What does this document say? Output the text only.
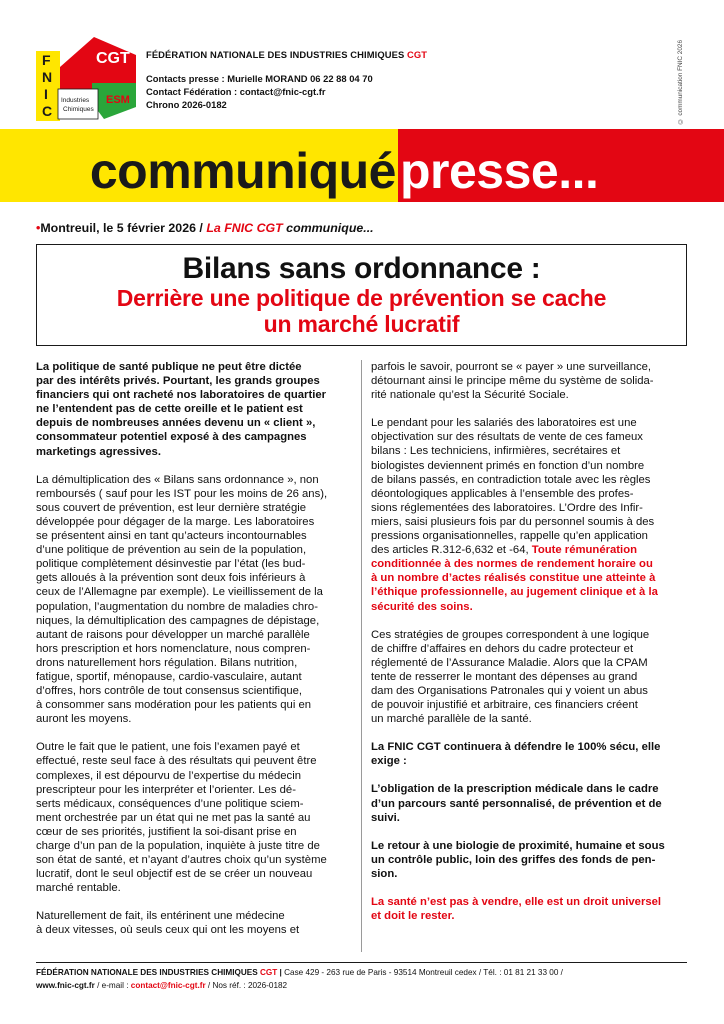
F
N
I
C
CGT
ESM
Industries
Chimiques
FÉDÉRATION NATIONALE DES INDUSTRIES CHIMIQUES CGT
Contacts presse : Murielle MORAND 06 22 88 04 70
Contact Fédération : contact@fnic-cgt.fr
Chrono 2026-0182	© communication FNIC 2026
communiqué presse...
•Montreuil, le 5 février 2026 / La FNIC CGT communique...
Bilans sans ordonnance :
Derrière une politique de prévention se cache
un marché lucratif

La politique de santé publique ne peut être dictée
par des intérêts privés. Pourtant, les grands groupes
financiers qui ont racheté nos laboratoires de quartier
ne l’entendent pas de cette oreille et le patient est
depuis de nombreuses années devenu un « client »,
consommateur potentiel exposé à des campagnes
marketings agressives.

La démultiplication des « Bilans sans ordonnance », non
remboursés ( sauf pour les IST pour les moins de 26 ans),
sous couvert de prévention, est leur dernière stratégie
développée pour dégager de la marge. Les laboratoires
se présentent ainsi en tant qu’acteurs incontournables
d’une politique de prévention au sein de la population,
politique complètement désinvestie par l’état (les bud-
gets alloués à la prévention sont deux fois inférieurs à
ceux de l’Allemagne par exemple). Le vieillissement de la
population, l’augmentation du nombre de maladies chro-
niques, la démultiplication des campagnes de dépistage,
autant de raisons pour développer un marché parallèle
hors prescription et hors nomenclature, nous compren-
drons naturellement hors régulation. Bilans nutrition,
fatigue, sportif, ménopause, cardio-vasculaire, autant
d’offres, hors contrôle de tout consensus scientifique,
à consommer sans modération pour les patients qui en
auront les moyens.

Outre le fait que le patient, une fois l’examen payé et
effectué, reste seul face à des résultats qui peuvent être
complexes, il est dépourvu de l’expertise du médecin
prescripteur pour les interpréter et l’orienter. Les dé-
serts médicaux, conséquences d’une politique sciem-
ment orchestrée par un état qui ne met pas la santé au
cœur de ses priorités, justifient la soi-disant prise en
charge d’un pan de la population, inquiète à juste titre de
son état de santé, et n’ayant d’autres choix qu’un système
lucratif, dont le seul objectif est de se créer un nouveau
marché rentable.

Naturellement de fait, ils entérinent une médecine
à deux vitesses, où seuls ceux qui ont les moyens et

parfois le savoir, pourront se « payer » une surveillance,
détournant ainsi le principe même du système de solida-
rité nationale qu’est la Sécurité Sociale.

Le pendant pour les salariés des laboratoires est une
objectivation sur des résultats de vente de ces fameux
bilans : Les techniciens, infirmières, secrétaires et
biologistes deviennent primés en fonction d’un nombre
de bilans passés, en contradiction totale avec les règles
déontologiques applicables à l’ensemble des profes-
sions réglementées des laboratoires. L’Ordre des Infir-
miers, saisi plusieurs fois par du personnel soumis à des
pressions organisationnelles, rappelle qu’en application
des articles R.312-6,632 et -64, Toute rémunération
conditionnée à des normes de rendement horaire ou
à un nombre d’actes réalisés constitue une atteinte à
l’éthique professionnelle, au jugement clinique et à la
sécurité des soins.

Ces stratégies de groupes correspondent à une logique
de chiffre d’affaires en dehors du cadre protecteur et
réglementé de l’Assurance Maladie. Alors que la CPAM
tente de resserrer le montant des dépenses au grand
dam des Organisations Patronales qui y voient un abus
de pouvoir injustifié et arbitraire, ces financiers créent
un marché parallèle de la santé.

La FNIC CGT continuera à défendre le 100% sécu, elle
exige :

L’obligation de la prescription médicale dans le cadre
d’un parcours santé personnalisé, de prévention et de
suivi.

Le retour à une biologie de proximité, humaine et sous
un contrôle public, loin des griffes des fonds de pen-
sion.

La santé n’est pas à vendre, elle est un droit universel
et doit le rester.

FÉDÉRATION NATIONALE DES INDUSTRIES CHIMIQUES CGT | Case 429 - 263 rue de Paris - 93514 Montreuil cedex / Tél. : 01 81 21 33 00 /
www.fnic-cgt.fr / e-mail : contact@fnic-cgt.fr / Nos réf. : 2026-0182
